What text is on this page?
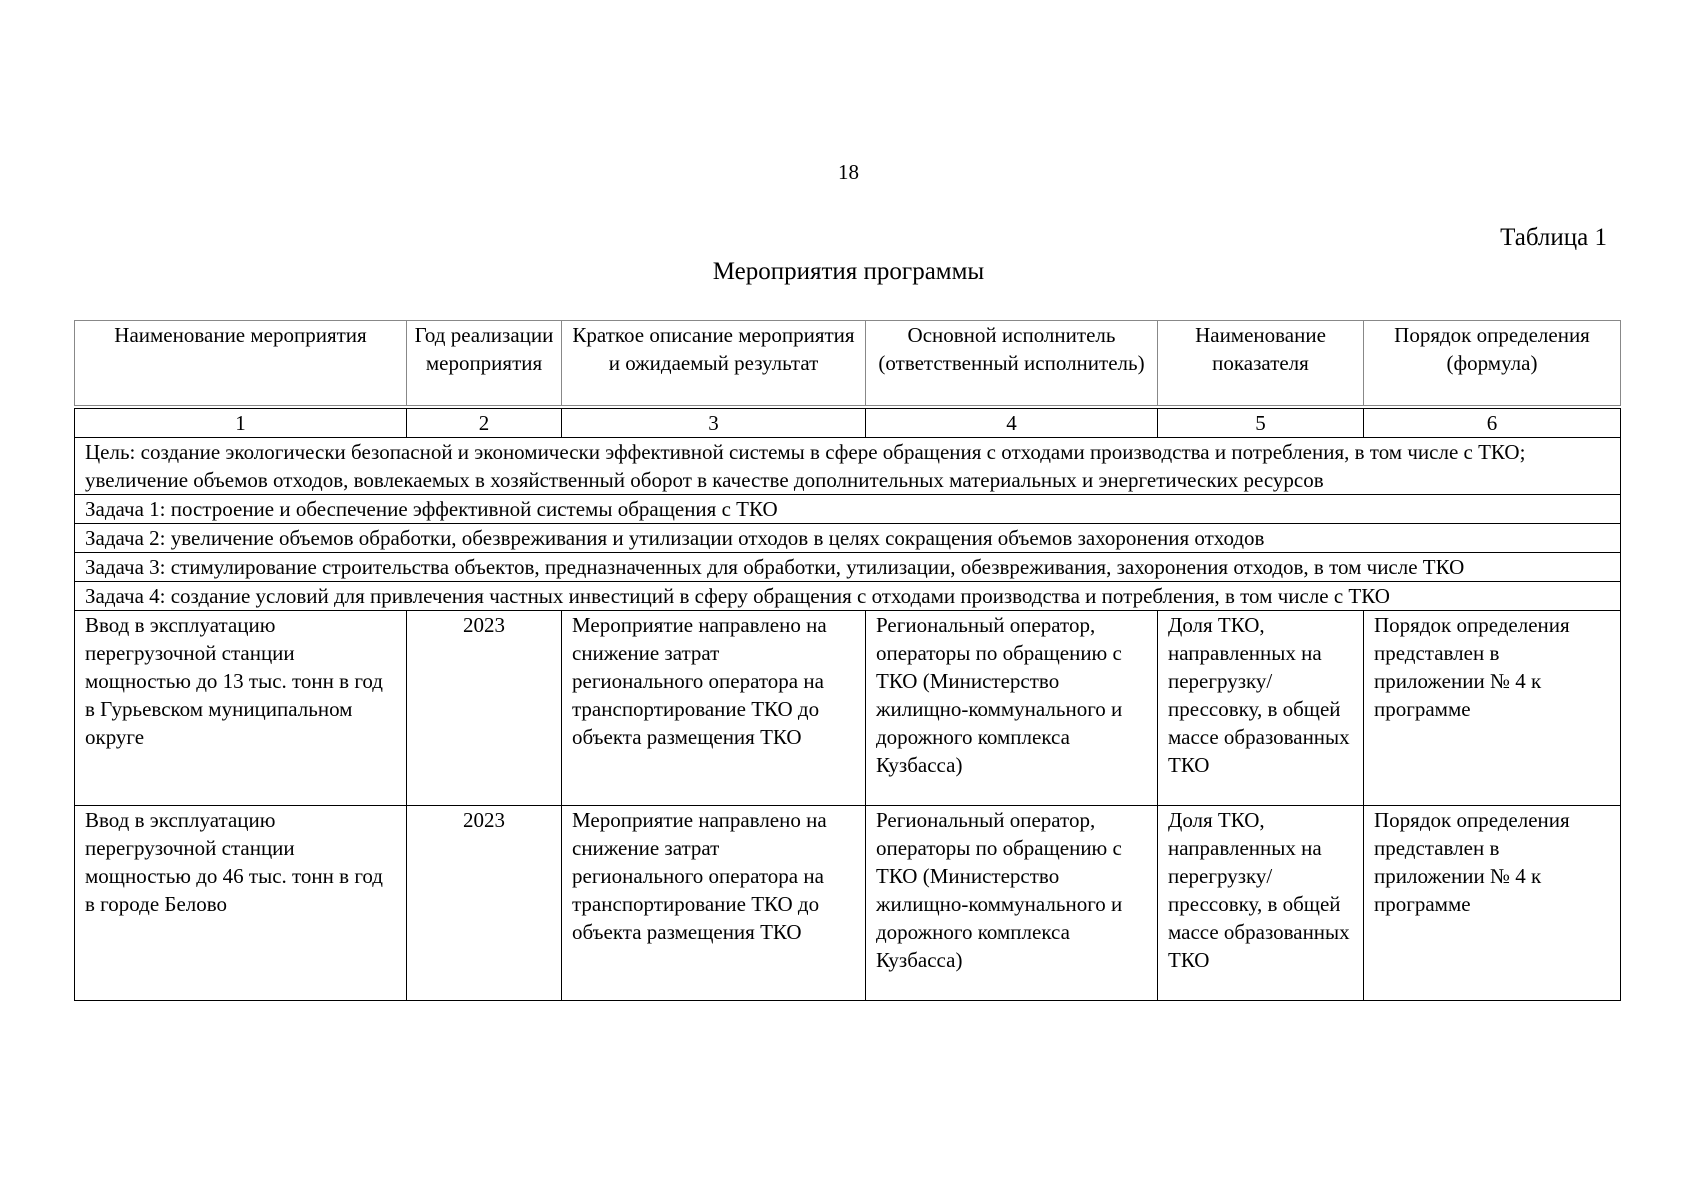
18
Таблица 1
Мероприятия программы
Наименование мероприятия	Год реализации мероприятия	Краткое описание мероприятия и ожидаемый результат	Основной исполнитель (ответственный исполнитель)	Наименование показателя	Порядок определения (формула)
1	2	3	4	5	6
Цель: создание экологически безопасной и экономически эффективной системы в сфере обращения с отходами производства и потребления, в том числе с ТКО; увеличение объемов отходов, вовлекаемых в хозяйственный оборот в качестве дополнительных материальных и энергетических ресурсов					
Задача 1: построение и обеспечение эффективной системы обращения с ТКО					
Задача 2: увеличение объемов обработки, обезвреживания и утилизации отходов в целях сокращения объемов захоронения отходов					
Задача 3: стимулирование строительства объектов, предназначенных для обработки, утилизации, обезвреживания, захоронения отходов, в том числе ТКО					
Задача 4: создание условий для привлечения частных инвестиций в сферу обращения с отходами производства и потребления, в том числе с ТКО					
Ввод в эксплуатацию перегрузочной станции мощностью до 13 тыс. тонн в год в Гурьевском муниципальном округе	2023	Мероприятие направлено на снижение затрат регионального оператора на транспортирование ТКО до объекта размещения ТКО	Региональный оператор, операторы по обращению с ТКО (Министерство жилищно-коммунального и дорожного комплекса Кузбасса)	Доля ТКО, направленных на перегрузку/ прессовку, в общей массе образованных ТКО	Порядок определения представлен в приложении № 4 к программе
Ввод в эксплуатацию перегрузочной станции мощностью до 46 тыс. тонн в год в городе Белово	2023	Мероприятие направлено на снижение затрат регионального оператора на транспортирование ТКО до объекта размещения ТКО	Региональный оператор, операторы по обращению с ТКО (Министерство жилищно-коммунального и дорожного комплекса Кузбасса)	Доля ТКО, направленных на перегрузку/ прессовку, в общей массе образованных ТКО	Порядок определения представлен в приложении № 4 к программе
